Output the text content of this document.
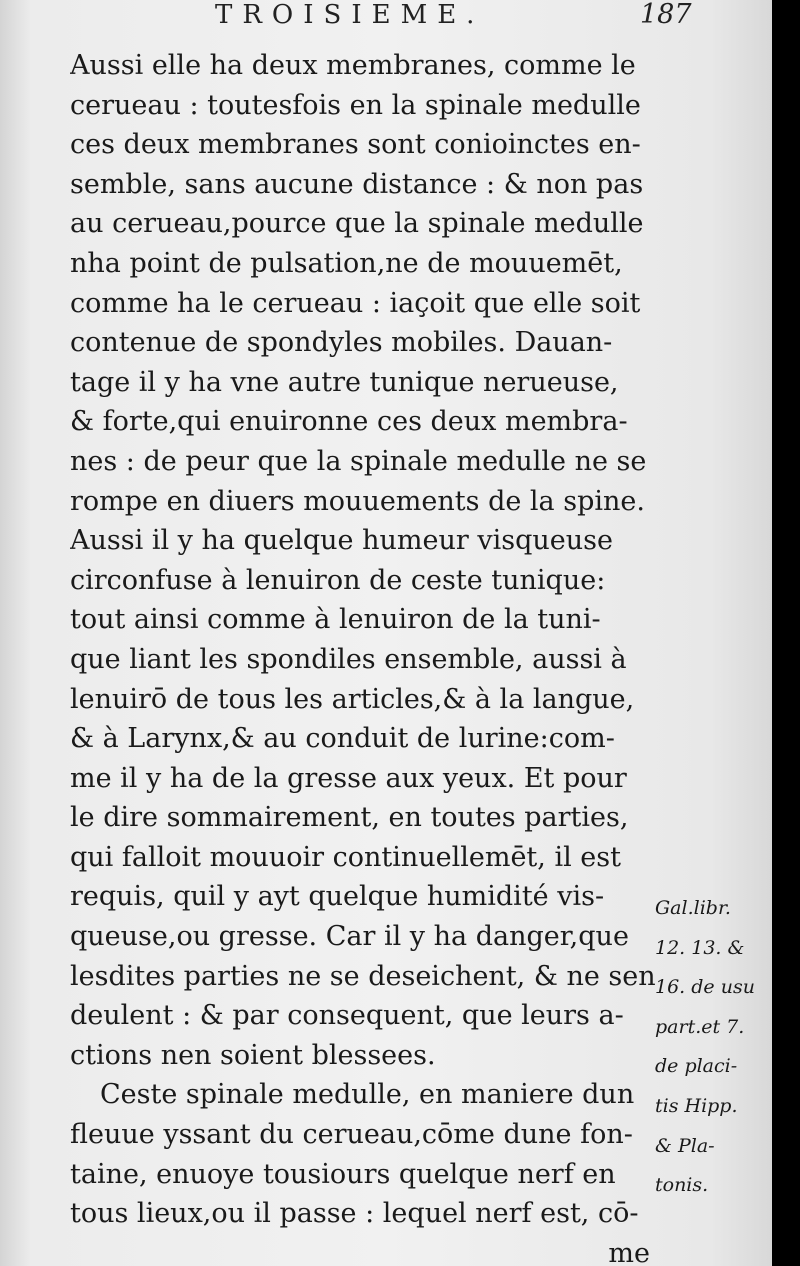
TROISIEME.	187
Aussi elle ha deux membranes, comme le
cerueau : toutesfois en la spinale medulle
ces deux membranes sont conioinctes en-
semble, sans aucune distance : & non pas
au cerueau,pource que la spinale medulle
nha point de pulsation,ne de mouuemēt,
comme ha le cerueau : iaçoit que elle soit
contenue de spondyles mobiles. Dauan-
tage il y ha vne autre tunique nerueuse,
& forte,qui enuironne ces deux membra-
nes : de peur que la spinale medulle ne se
rompe en diuers mouuements de la spine.
Aussi il y ha quelque humeur visqueuse
circonfuse à lenuiron de ceste tunique:
tout ainsi comme à lenuiron de la tuni-
que liant les spondiles ensemble, aussi à
lenuirō de tous les articles,& à la langue,
& à Larynx,& au conduit de lurine:com-
me il y ha de la gresse aux yeux. Et pour
le dire sommairement, en toutes parties,
qui falloit mouuoir continuellemēt, il est
requis, quil y ayt quelque humidité vis-
queuse,ou gresse. Car il y ha danger,que
lesdites parties ne se deseichent, & ne sen
deulent : & par consequent, que leurs a-
ctions nen soient blessees.
Ceste spinale medulle, en maniere dun
fleuue yssant du cerueau,cōme dune fon-
taine, enuoye tousiours quelque nerf en
tous lieux,ou il passe : lequel nerf est, cō-
me
Gal.libr.
12. 13. &
16. de usu
part.et 7.
de placi-
tis Hipp.
& Pla-
tonis.
